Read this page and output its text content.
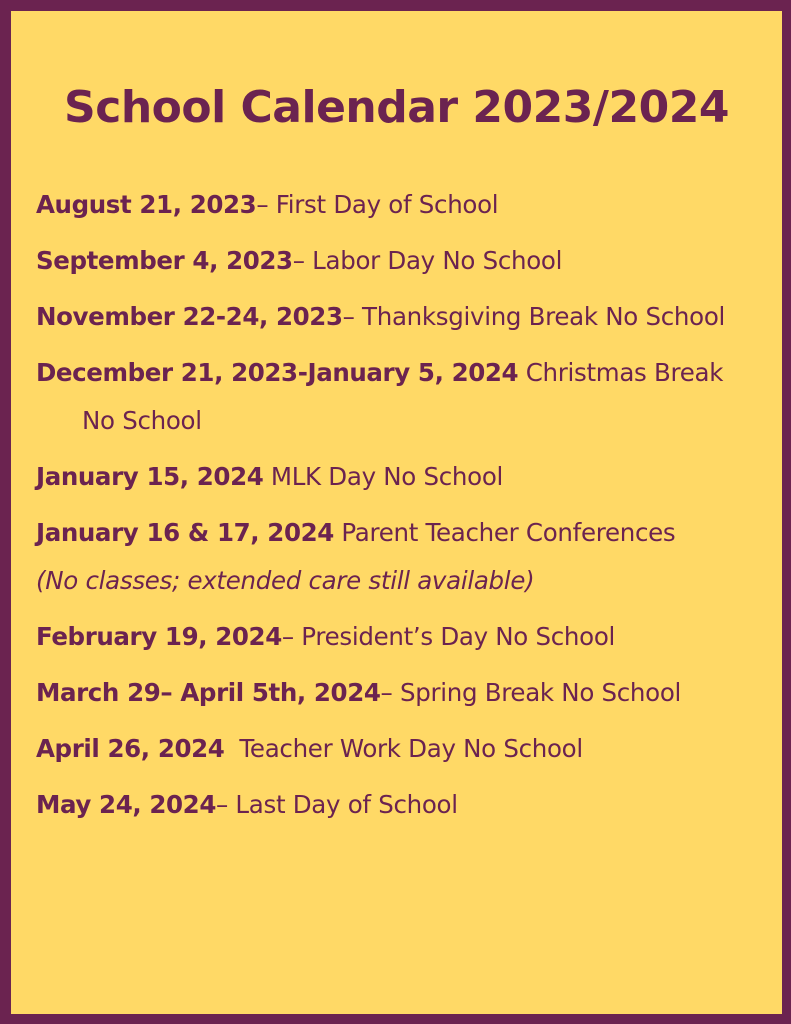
School Calendar 2023/2024
August 21, 2023– First Day of School
September 4, 2023– Labor Day No School
November 22-24, 2023– Thanksgiving Break No School
December 21, 2023-January 5, 2024 Christmas Break No School
January 15, 2024 MLK Day No School
January 16 & 17, 2024 Parent Teacher Conferences
(No classes; extended care still available)
February 19, 2024– President’s Day No School
March 29– April 5th, 2024– Spring Break No School
April 26, 2024  Teacher Work Day No School
May 24, 2024– Last Day of School
